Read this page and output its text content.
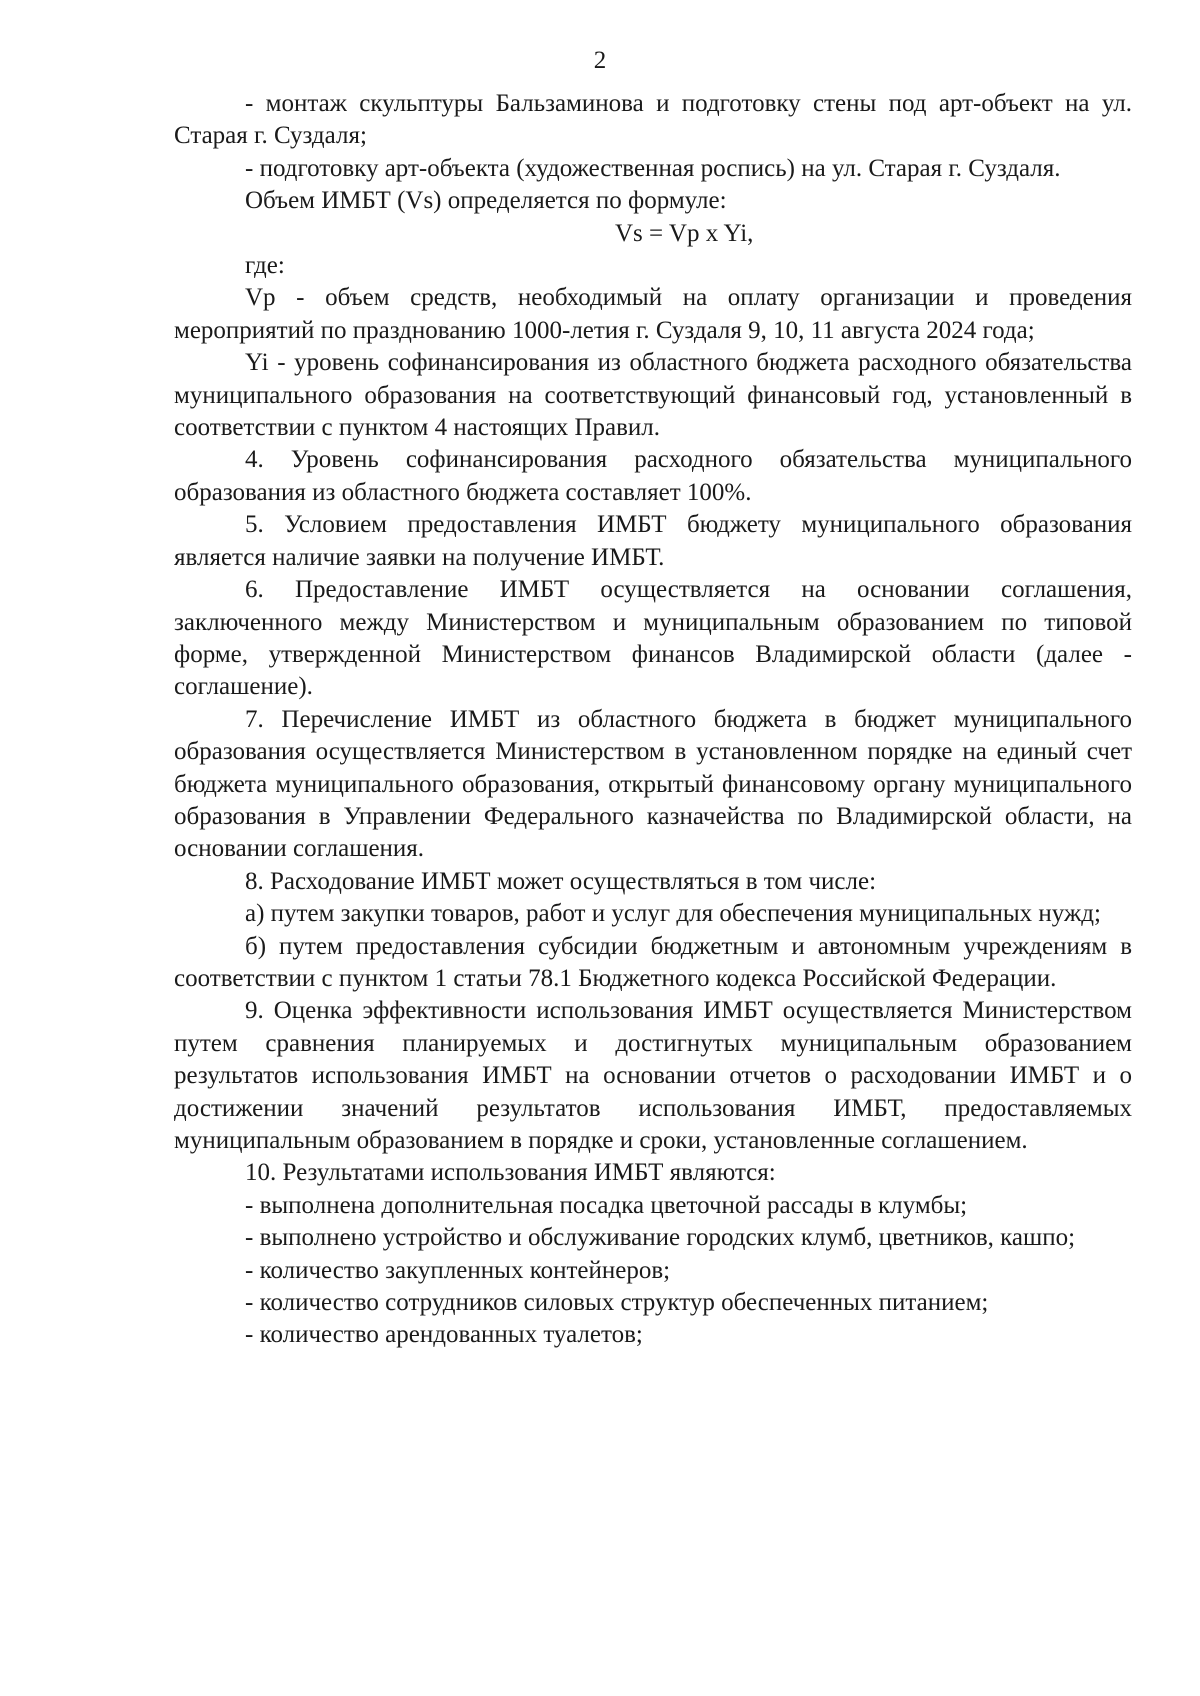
2

- монтаж скульптуры Бальзаминова и подготовку стены под арт-объект на ул. Старая г. Суздаля;

- подготовку арт-объекта (художественная роспись) на ул. Старая г. Суздаля.

Объем ИМБТ (Vs) определяется по формуле:

Vs = Vp x Yi,

где:

Vp - объем средств, необходимый на оплату организации и проведения мероприятий по празднованию 1000-летия г. Суздаля 9, 10, 11 августа 2024 года;

Yi - уровень софинансирования из областного бюджета расходного обязательства муниципального образования на соответствующий финансовый год, установленный в соответствии с пунктом 4 настоящих Правил.

4. Уровень софинансирования расходного обязательства муниципального образования из областного бюджета составляет 100%.

5. Условием предоставления ИМБТ бюджету муниципального образования является наличие заявки на получение ИМБТ.

6. Предоставление ИМБТ осуществляется на основании соглашения, заключенного между Министерством и муниципальным образованием по типовой форме, утвержденной Министерством финансов Владимирской области (далее - соглашение).

7. Перечисление ИМБТ из областного бюджета в бюджет муниципального образования осуществляется Министерством в установленном порядке на единый счет бюджета муниципального образования, открытый финансовому органу муниципального образования в Управлении Федерального казначейства по Владимирской области, на основании соглашения.

8. Расходование ИМБТ может осуществляться в том числе:

а) путем закупки товаров, работ и услуг для обеспечения муниципальных нужд;

б) путем предоставления субсидии бюджетным и автономным учреждениям в соответствии с пунктом 1 статьи 78.1 Бюджетного кодекса Российской Федерации.

9. Оценка эффективности использования ИМБТ осуществляется Министерством путем сравнения планируемых и достигнутых муниципальным образованием результатов использования ИМБТ на основании отчетов о расходовании ИМБТ и о достижении значений результатов использования ИМБТ, предоставляемых муниципальным образованием в порядке и сроки, установленные соглашением.

10. Результатами использования ИМБТ являются:

- выполнена дополнительная посадка цветочной рассады в клумбы;

- выполнено устройство и обслуживание городских клумб, цветников, кашпо;

- количество закупленных контейнеров;

- количество сотрудников силовых структур обеспеченных питанием;

- количество арендованных туалетов;
